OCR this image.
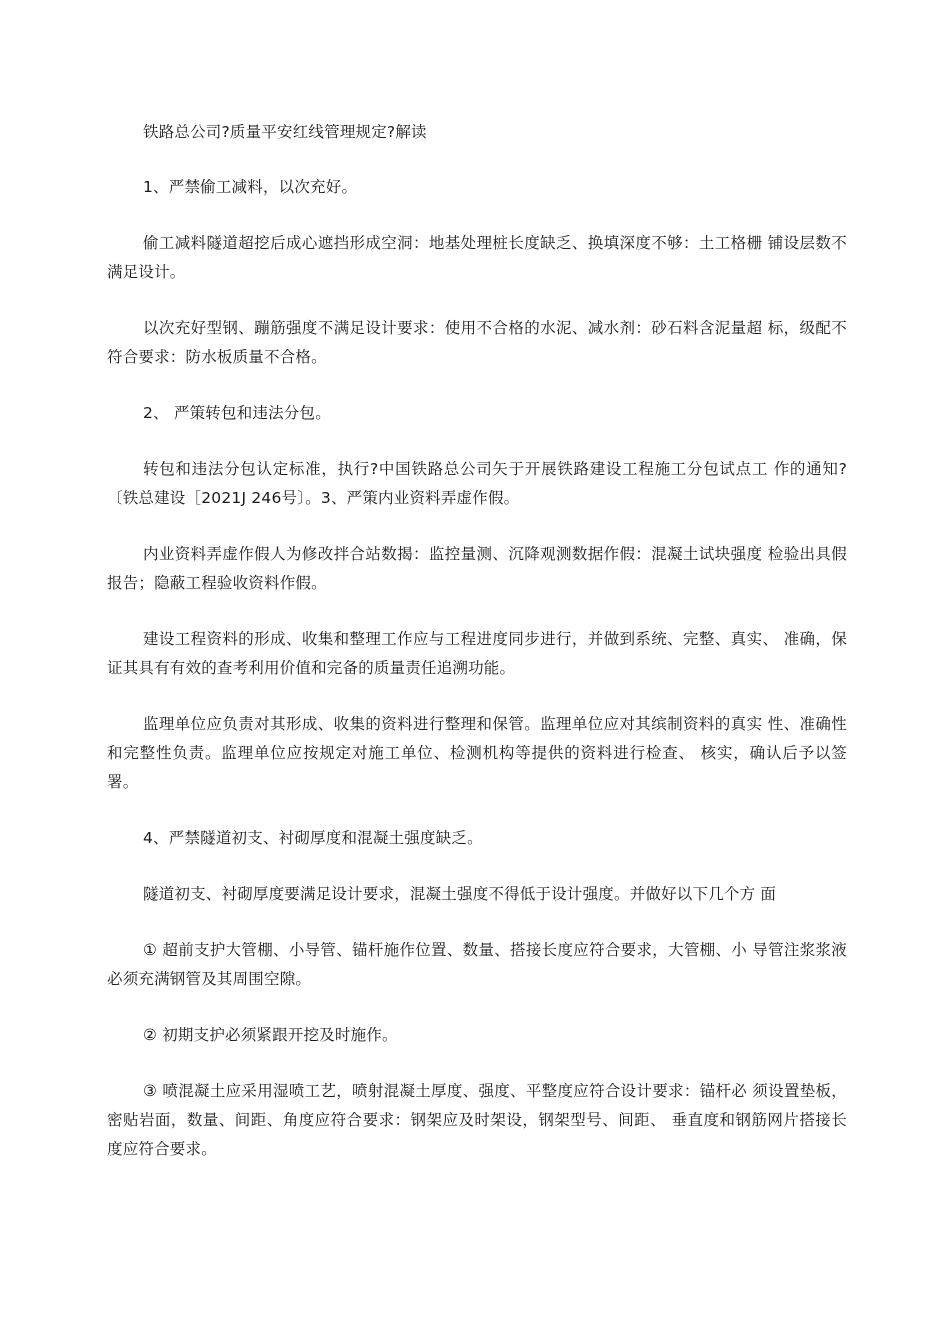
铁路总公司?质量平安红线管理规定?解读

1、严禁偷工减料，以次充好。

偷工减料隧道超挖后成心遮挡形成空洞：地基处理桩长度缺乏、换填深度不够：土工格栅 铺设层数不满足设计。

以次充好型钢、蹦筋强度不满足设计要求：使用不合格的水泥、减水剂：砂石料含泥量超 标，级配不符合要求：防水板质量不合格。

2、 严策转包和违法分包。

转包和违法分包认定标准，执行?中国铁路总公司矢于开展铁路建设工程施工分包试点工 作的通知?〔铁总建设［2021J 246号〕。3、严策内业资料弄虚作假。

内业资料弄虚作假人为修改拌合站数揭：监控量测、沉降观测数据作假：混凝土试块强度 检验出具假报告；隐蔽工程验收资料作假。

建设工程资料的形成、收集和整理工作应与工程进度同步进行，并做到系统、完整、真实、 准确，保证其具有有效的查考利用价值和完备的质量责任追溯功能。

监理单位应负责对其形成、收集的资料进行整理和保管。监理单位应对其缤制资料的真实 性、准确性和完整性负责。监理单位应按规定对施工单位、检测机构等提供的资料进行检查、 核实，确认后予以签署。

4、严禁隧道初支、衬砌厚度和混凝土强度缺乏。

隧道初支、衬砌厚度要满足设计要求，混凝土强度不得低于设计强度。并做好以下几个方 面

① 超前支护大管棚、小导管、锚杆施作位置、数量、搭接长度应符合要求，大管棚、小 导管注浆浆液必须充满钢管及其周围空隙。

② 初期支护必须紧跟开挖及时施作。

③ 喷混凝土应采用湿喷工艺，喷射混凝土厚度、强度、平整度应符合设计要求：锚杆必 须设置垫板，密贴岩面，数量、间距、角度应符合要求：钢架应及时架设，钢架型号、间距、 垂直度和钢筋网片搭接长度应符合要求。
